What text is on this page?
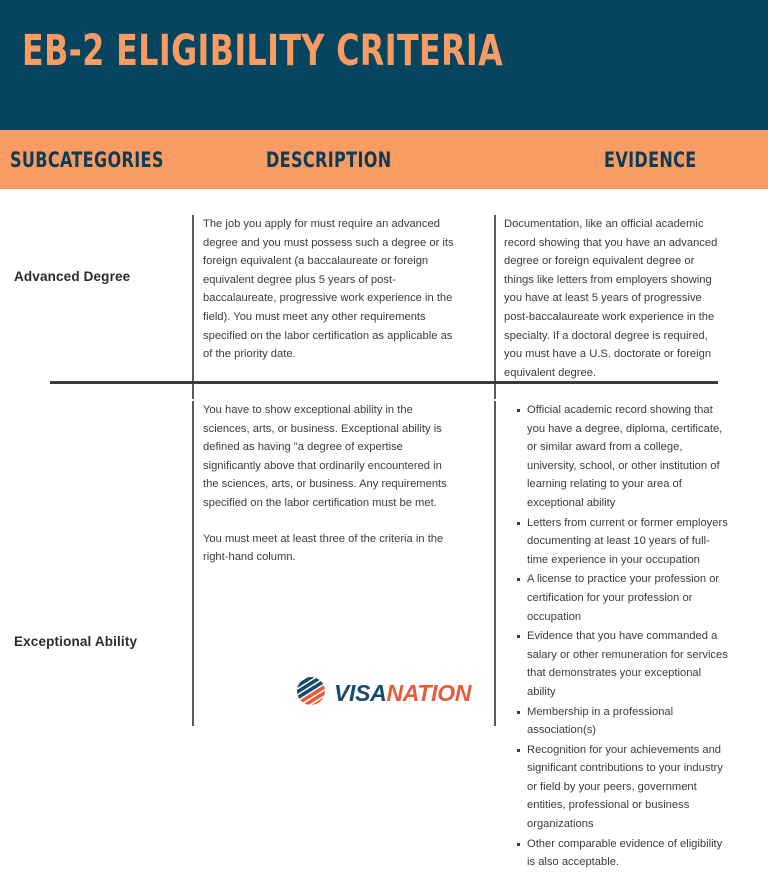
EB-2 ELIGIBILITY CRITERIA
SUBCATEGORIES	DESCRIPTION	EVIDENCE
Advanced Degree

The job you apply for must require an advanced degree and you must possess such a degree or its foreign equivalent (a baccalaureate or foreign equivalent degree plus 5 years of post-baccalaureate, progressive work experience in the field). You must meet any other requirements specified on the labor certification as applicable as of the priority date.

Documentation, like an official academic record showing that you have an advanced degree or foreign equivalent degree or things like letters from employers showing you have at least 5 years of progressive post-baccalaureate work experience in the specialty. If a doctoral degree is required, you must have a U.S. doctorate or foreign equivalent degree.

Exceptional Ability

You have to show exceptional ability in the sciences, arts, or business. Exceptional ability is defined as having "a degree of expertise significantly above that ordinarily encountered in the sciences, arts, or business. Any requirements specified on the labor certification must be met.

You must meet at least three of the criteria in the right-hand column.

Official academic record showing that you have a degree, diploma, certificate, or similar award from a college, university, school, or other institution of learning relating to your area of exceptional ability
Letters from current or former employers documenting at least 10 years of full-time experience in your occupation
A license to practice your profession or certification for your profession or occupation
Evidence that you have commanded a salary or other remuneration for services that demonstrates your exceptional ability
Membership in a professional association(s)
Recognition for your achievements and significant contributions to your industry or field by your peers, government entities, professional or business organizations
Other comparable evidence of eligibility is also acceptable.
VISANATION
